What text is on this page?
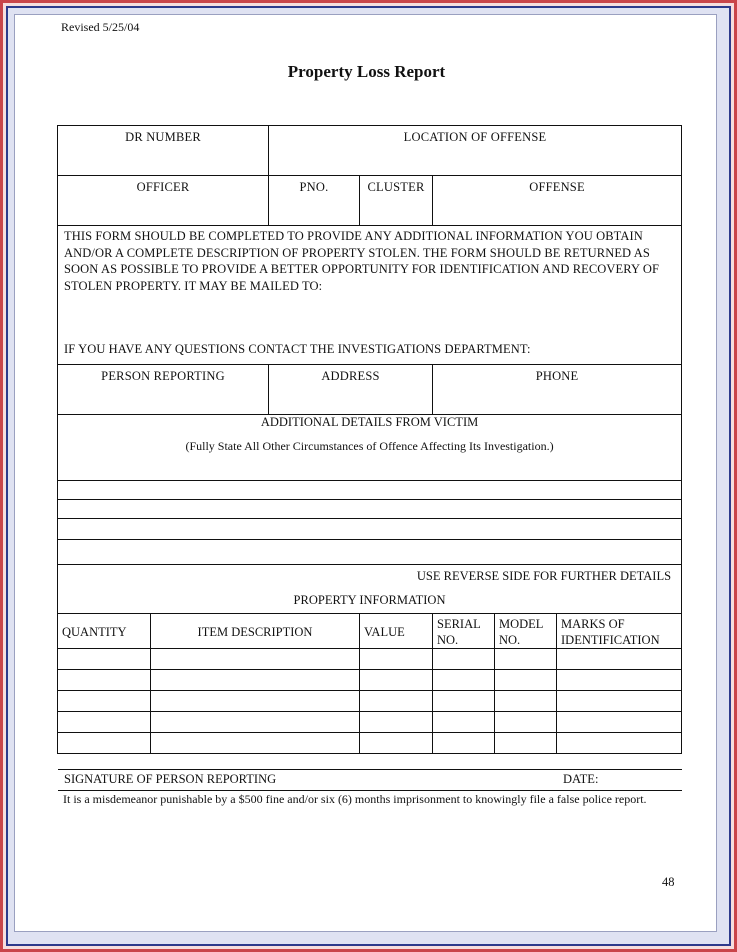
Revised 5/25/04
Property Loss Report
DR NUMBER		LOCATION OF OFFENSE				

OFFICER		PNO.	CLUSTER	OFFENSE		

THIS FORM SHOULD BE COMPLETED TO PROVIDE ANY ADDITIONAL INFORMATION YOU OBTAIN AND/OR A COMPLETE DESCRIPTION OF PROPERTY STOLEN. THE FORM SHOULD BE RETURNED AS SOON AS POSSIBLE TO PROVIDE A BETTER OPPORTUNITY FOR IDENTIFICATION AND RECOVERY OF STOLEN PROPERTY. IT MAY BE MAILED TO:
IF YOU HAVE ANY QUESTIONS CONTACT THE INVESTIGATIONS DEPARTMENT:						

PERSON REPORTING		ADDRESS		PHONE		

ADDITIONAL DETAILS FROM VICTIM
(Fully State All Other Circumstances of Offence Affecting Its Investigation.)						

USE REVERSE SIDE FOR FURTHER DETAILS
PROPERTY INFORMATION						

QUANTITY	ITEM DESCRIPTION		VALUE	SERIAL NO.	MODEL NO.	MARKS OF IDENTIFICATION

SIGNATURE OF PERSON REPORTING	DATE:
It is a misdemeanor punishable by a $500 fine and/or six (6) months imprisonment to knowingly file a false police report.
48
